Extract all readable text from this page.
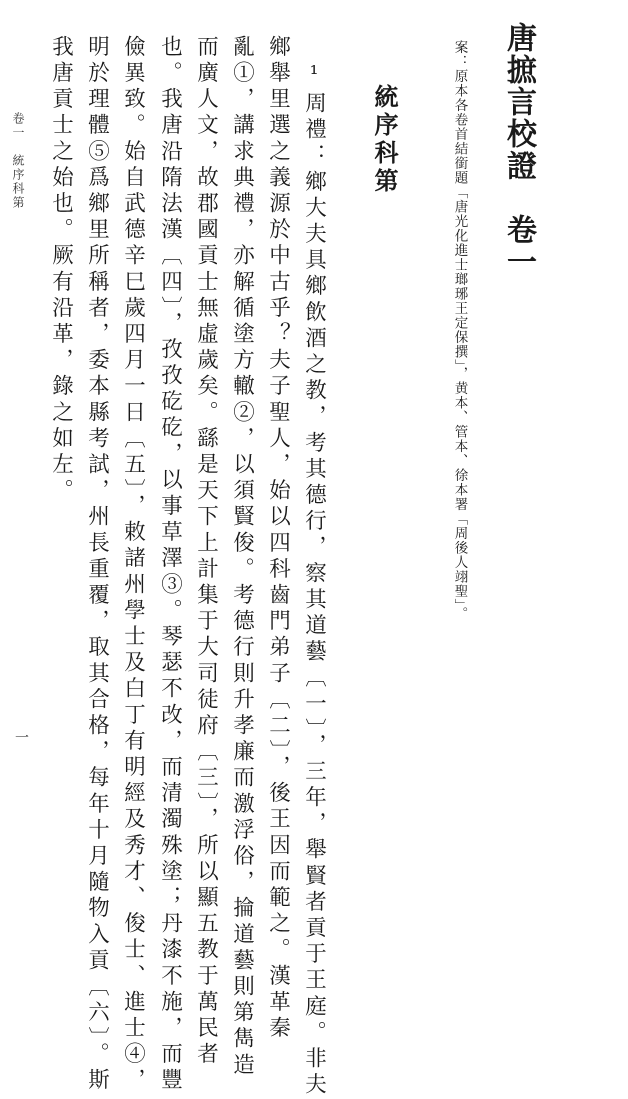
唐摭言校證　卷一
案：原本各卷首結銜題「唐光化進士瑯琊王定保撰」，黄本、管本、徐本署「周後人翊聖」。
統序科第
¹周禮：鄉大夫具鄉飲酒之教，考其德行，察其道藝〔一〕，三年，舉賢者貢于王庭。非夫
鄉舉里選之義源於中古乎？夫子聖人，始以四科齒門弟子〔二〕，後王因而範之。漢革秦
亂①，講求典禮，亦解循塗方轍②，以須賢俊。考德行則升孝廉而激浮俗，掄道藝則第雋造
而廣人文，故郡國貢士無虛歲矣。繇是天下上計集于大司徒府〔三〕，所以顯五教于萬民者
也。我唐沿隋法漢〔四〕，孜孜矻矻，以事草澤③。琴瑟不改，而清濁殊塗；丹漆不施，而豐
儉異致。始自武德辛巳歲四月一日〔五〕，敕諸州學士及白丁有明經及秀才、俊士、進士④，
明於理體⑤爲鄉里所稱者，委本縣考試，州長重覆，取其合格，每年十月隨物入貢〔六〕。斯
我唐貢士之始也。厥有沿革，錄之如左。
卷一　統序科第
一
